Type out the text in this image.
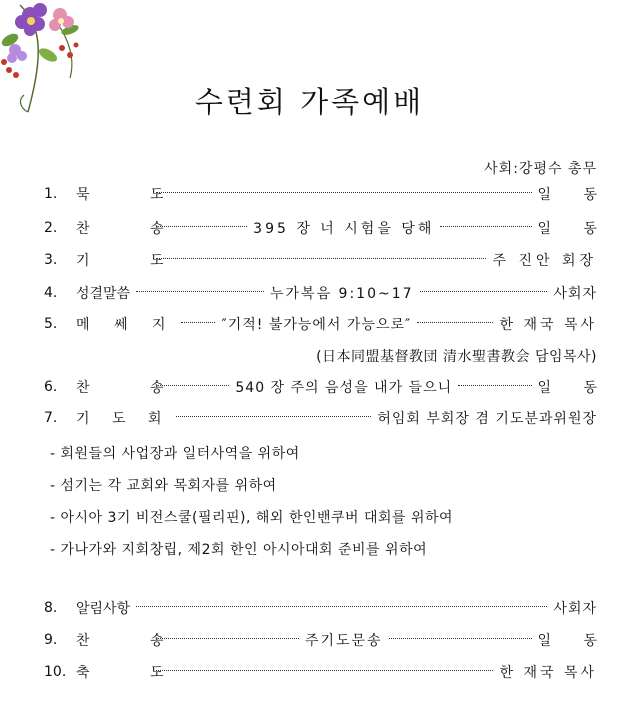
수련회 가족예배
사회:강평수 총무
1.	묵 도	일 동
2.	찬 송	395 장 너 시험을 당해	일 동
3.	기 도	주 진안 회장
4.	성결말씀	누가복음 9:10~17	사회자
5.	메 쎄 지	″기적! 불가능에서 가능으로″	한 재국 목사
(日本同盟基督教団 清水聖書教会 담임목사)
6.	찬 송	540 장 주의 음성을 내가 들으니	일 동
7.	기 도 회	허임회 부회장 겸 기도분과위원장
- 회원들의 사업장과 일터사역을 위하여
- 섬기는 각 교회와 목회자를 위하여
- 아시아 3기 비전스쿨(필리핀), 해외 한인밴쿠버 대회를 위하여
- 가나가와 지회창립, 제2회 한인 아시아대회 준비를 위하여
8.	알림사항	사회자
9.	찬 송	주기도문송	일 동
10. 축 도	한 재국 목사
